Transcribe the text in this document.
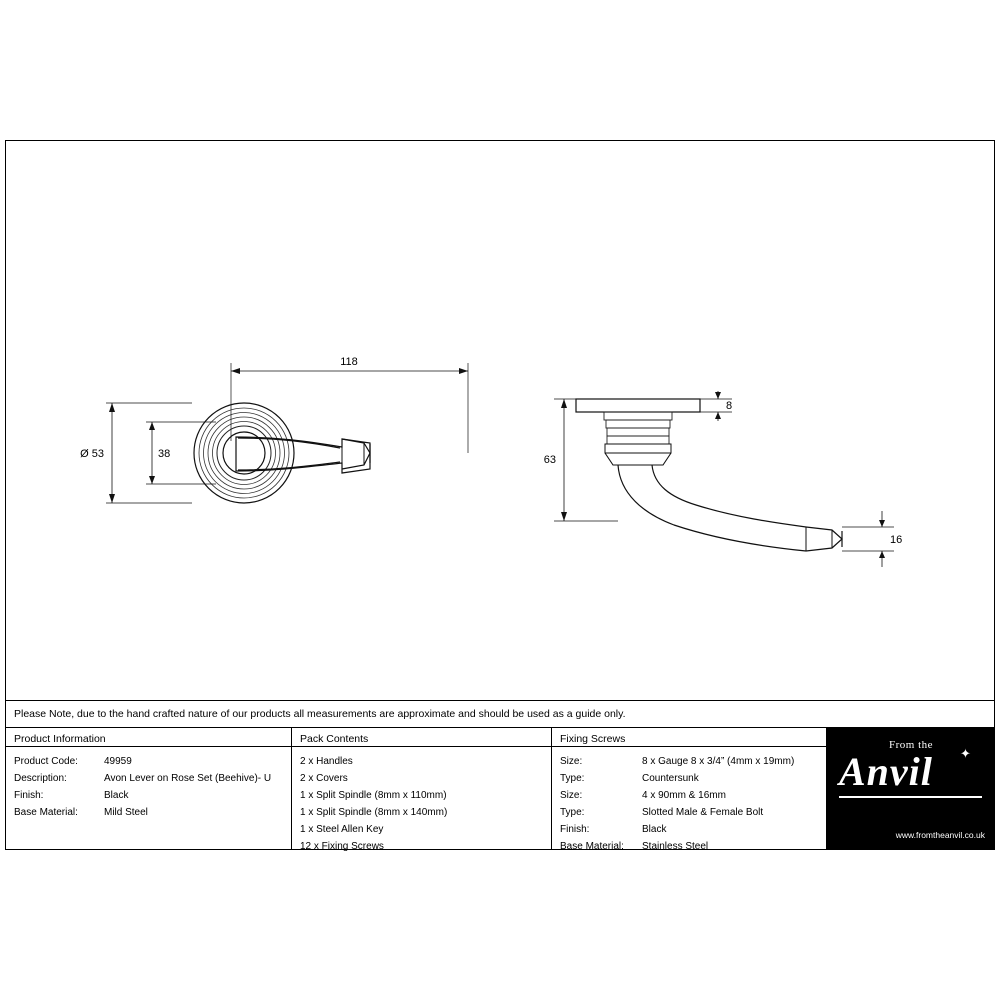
118
Ø 53	38
8
63
16
Please Note, due to the hand crafted nature of our products all measurements are approximate and should be used as a guide only.
Product Information
Product Code:	49959
Description:	Avon Lever on Rose Set (Beehive)- U
Finish:	Black
Base Material:	Mild Steel
Pack Contents
2 x Handles
2 x Covers
1 x Split Spindle (8mm x 110mm)
1 x Split Spindle (8mm x 140mm)
1 x Steel Allen Key
12 x Fixing Screws
Fixing Screws
Size:	8 x Gauge 8 x 3/4” (4mm x 19mm)
Type:	Countersunk
Size:	4 x 90mm & 16mm
Type:	Slotted Male & Female Bolt
Finish:	Black
Base Material:	Stainless Steel
From the
✦
Anvil
www.fromtheanvil.co.uk
